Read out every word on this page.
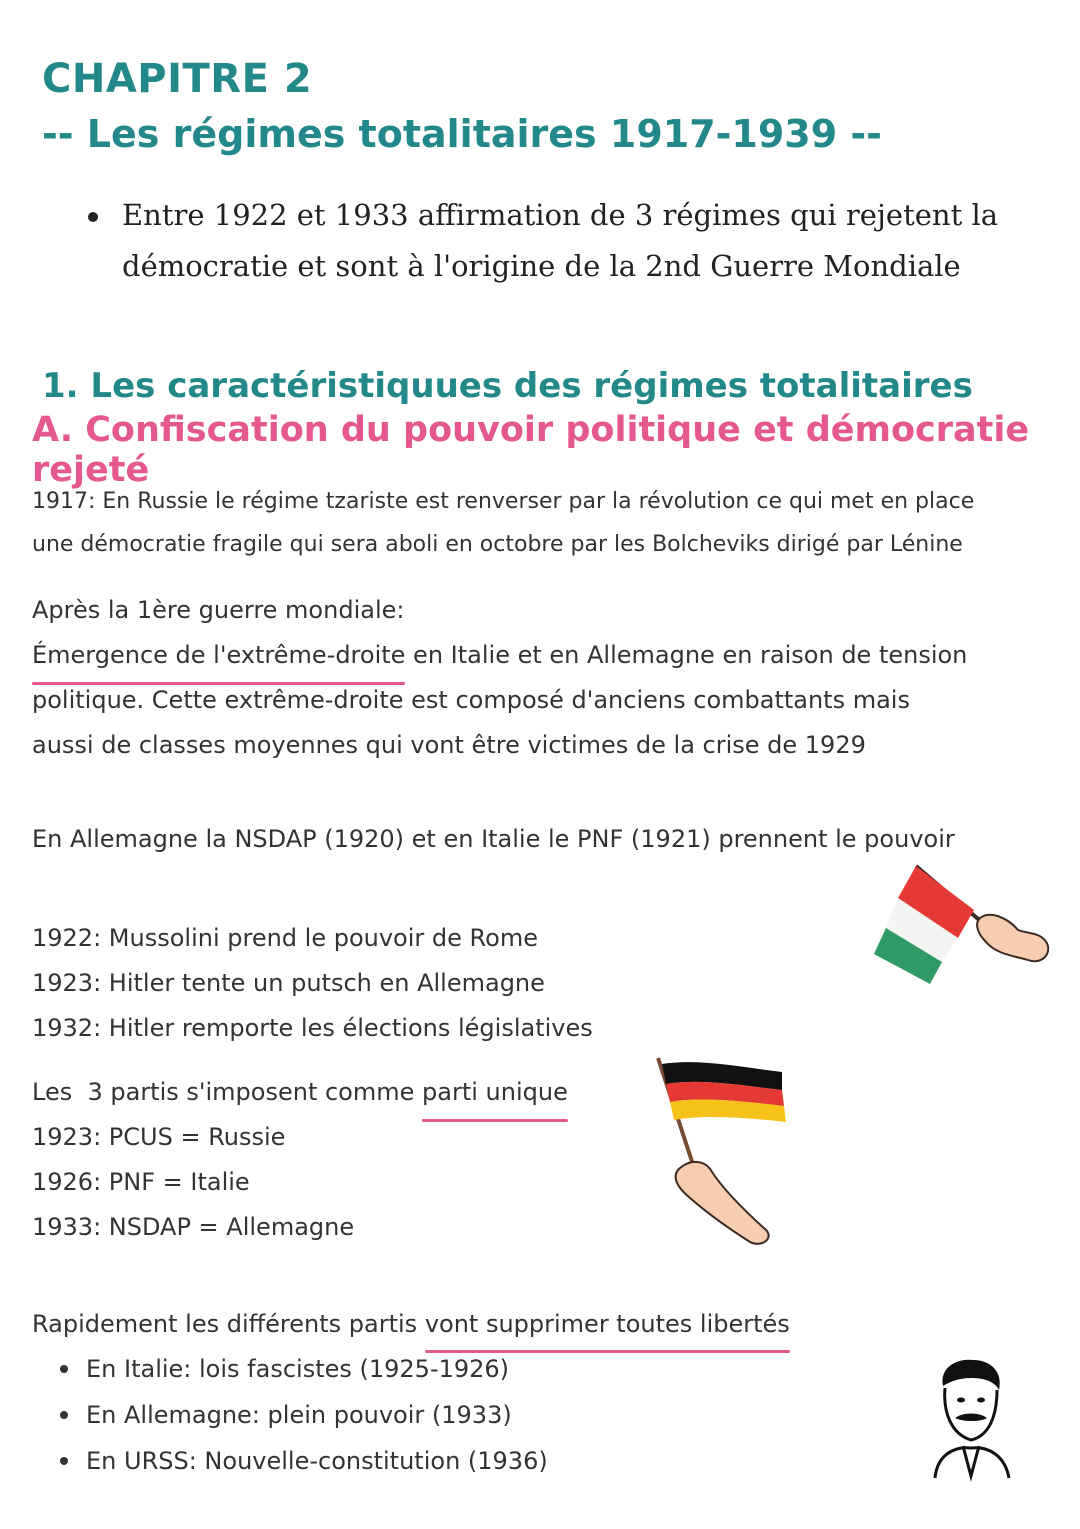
CHAPITRE 2
-- Les régimes totalitaires 1917-1939 --
Entre 1922 et 1933 affirmation de 3 régimes qui rejetent la
démocratie et sont à l'origine de la 2nd Guerre Mondiale
1. Les caractéristiquues des régimes totalitaires
A. Confiscation du pouvoir politique et démocratie rejeté
1917: En Russie le régime tzariste est renverser par la révolution ce qui met en place
une démocratie fragile qui sera aboli en octobre par les Bolcheviks dirigé par Lénine
Après la 1ère guerre mondiale:
Émergence de l'extrême-droite en Italie et en Allemagne en raison de tension
politique. Cette extrême-droite est composé d'anciens combattants mais
aussi de classes moyennes qui vont être victimes de la crise de 1929
En Allemagne la NSDAP (1920) et en Italie le PNF (1921) prennent le pouvoir
1922: Mussolini prend le pouvoir de Rome
1923: Hitler tente un putsch en Allemagne
1932: Hitler remporte les élections législatives
Les  3 partis s'imposent comme parti unique
1923: PCUS = Russie
1926: PNF = Italie
1933: NSDAP = Allemagne
Rapidement les différents partis vont supprimer toutes libertés
En Italie: lois fascistes (1925-1926)
En Allemagne: plein pouvoir (1933)
En URSS: Nouvelle-constitution (1936)
